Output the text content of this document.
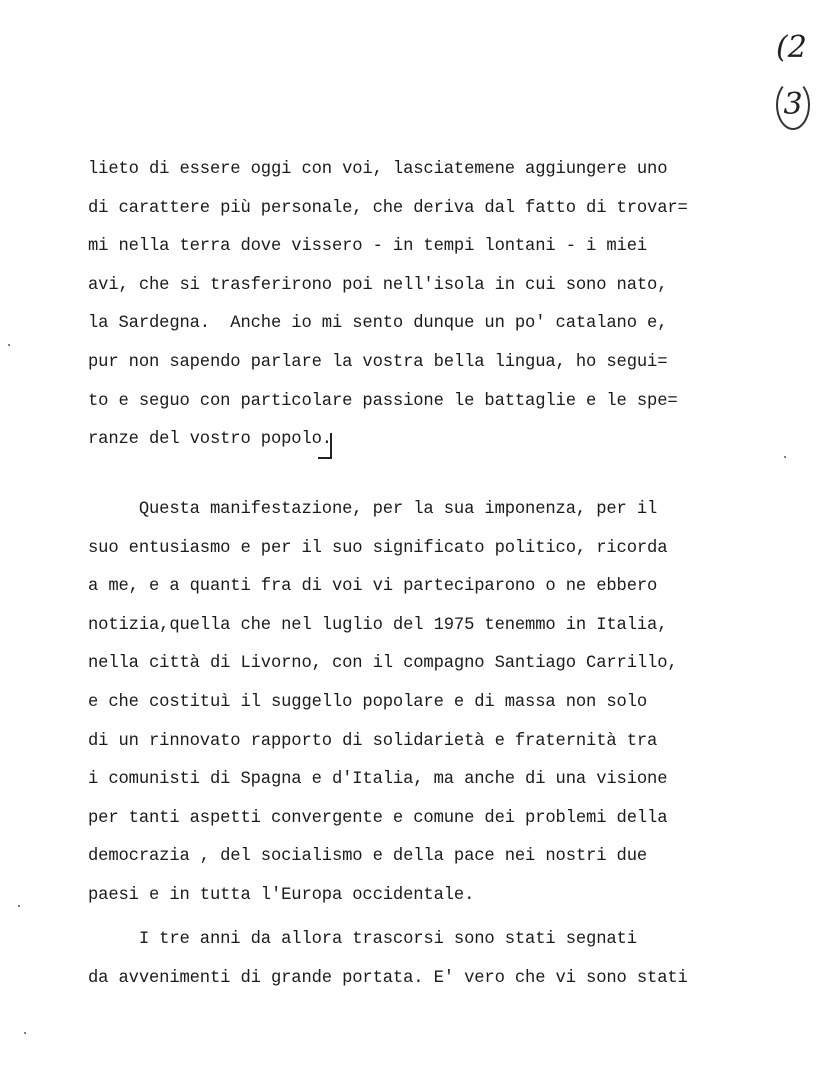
(2
3
lieto di essere oggi con voi, lasciatemene aggiungere uno
di carattere più personale, che deriva dal fatto di trovar=
mi nella terra dove vissero - in tempi lontani - i miei
avi, che si trasferirono poi nell'isola in cui sono nato,
la Sardegna.  Anche io mi sento dunque un po' catalano e,
pur non sapendo parlare la vostra bella lingua, ho segui=
to e seguo con particolare passione le battaglie e le spe=
ranze del vostro popolo.
Questa manifestazione, per la sua imponenza, per il
suo entusiasmo e per il suo significato politico, ricorda
a me, e a quanti fra di voi vi parteciparono o ne ebbero
notizia,quella che nel luglio del 1975 tenemmo in Italia,
nella città di Livorno, con il compagno Santiago Carrillo,
e che costituì il suggello popolare e di massa non solo
di un rinnovato rapporto di solidarietà e fraternità tra
i comunisti di Spagna e d'Italia, ma anche di una visione
per tanti aspetti convergente e comune dei problemi della
democrazia , del socialismo e della pace nei nostri due
paesi e in tutta l'Europa occidentale.
I tre anni da allora trascorsi sono stati segnati
da avvenimenti di grande portata. E' vero che vi sono stati
